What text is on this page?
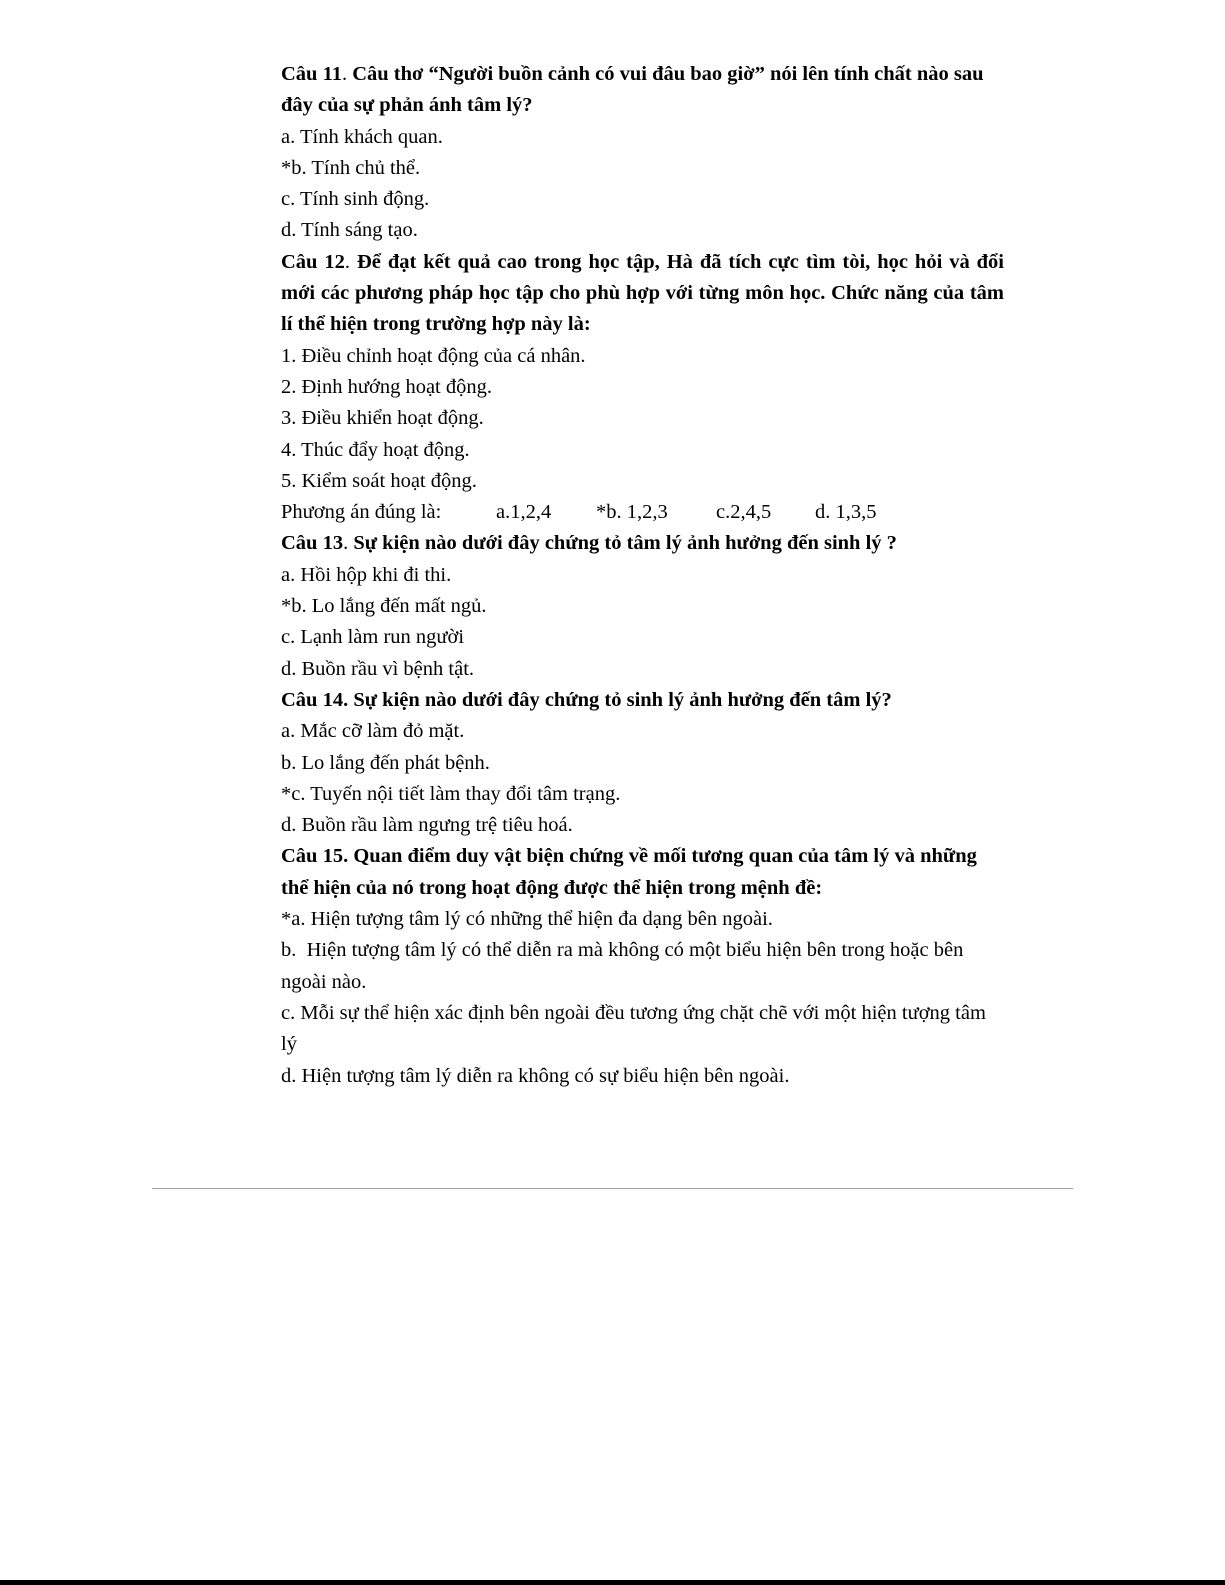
Câu 11. Câu thơ “Người buồn cảnh có vui đâu bao giờ” nói lên tính chất nào sau đây của sự phản ánh tâm lý?
a. Tính khách quan.
*b. Tính chủ thể.
c. Tính sinh động.
d. Tính sáng tạo.
Câu 12. Để đạt kết quả cao trong học tập, Hà đã tích cực tìm tòi, học hỏi và đổi mới các phương pháp học tập cho phù hợp với từng môn học. Chức năng của tâm lí thể hiện trong trường hợp này là:
1. Điều chỉnh hoạt động của cá nhân.
2. Định hướng hoạt động.
3. Điều khiển hoạt động.
4. Thúc đẩy hoạt động.
5. Kiểm soát hoạt động.
Phương án đúng là:	a.1,2,4	*b. 1,2,3	c.2,4,5	d. 1,3,5
Câu 13. Sự kiện nào dưới đây chứng tỏ tâm lý ảnh hưởng đến sinh lý ?
a. Hồi hộp khi đi thi.
*b. Lo lắng đến mất ngủ.
c. Lạnh làm run người
d. Buồn rầu vì bệnh tật.
Câu 14. Sự kiện nào dưới đây chứng tỏ sinh lý ảnh hưởng đến tâm lý?
a. Mắc cỡ làm đỏ mặt.
b. Lo lắng đến phát bệnh.
*c. Tuyến nội tiết làm thay đổi tâm trạng.
d. Buồn rầu làm ngưng trệ tiêu hoá.
Câu 15. Quan điểm duy vật biện chứng về mối tương quan của tâm lý và những thể hiện của nó trong hoạt động được thể hiện trong mệnh đề:
*a. Hiện tượng tâm lý có những thể hiện đa dạng bên ngoài.
b.  Hiện tượng tâm lý có thể diễn ra mà không có một biểu hiện bên trong hoặc bên ngoài nào.
c. Mỗi sự thể hiện xác định bên ngoài đều tương ứng chặt chẽ với một hiện tượng tâm lý
d. Hiện tượng tâm lý diễn ra không có sự biểu hiện bên ngoài.
